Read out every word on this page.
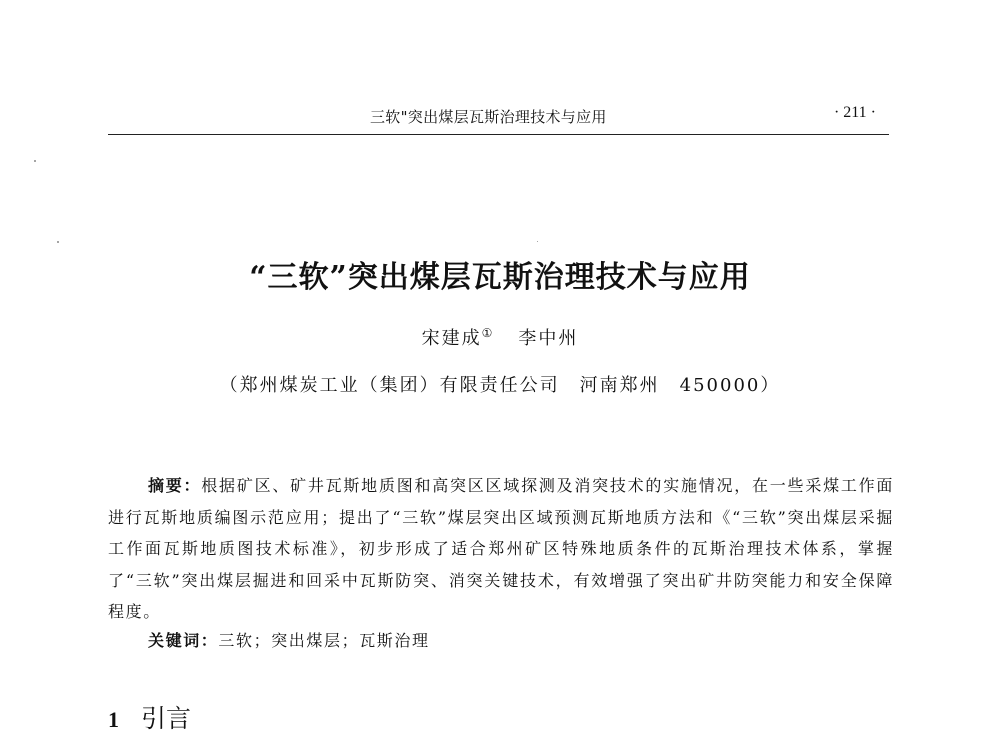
三软"突出煤层瓦斯治理技术与应用	· 211 ·
“三软”突出煤层瓦斯治理技术与应用
宋建成① 李中州
（郑州煤炭工业（集团）有限责任公司　河南郑州　450000）

摘要：根据矿区、矿井瓦斯地质图和高突区区域探测及消突技术的实施情况，在一些采煤工作面进行瓦斯地质编图示范应用；提出了“三软”煤层突出区域预测瓦斯地质方法和《“三软”突出煤层采掘工作面瓦斯地质图技术标准》，初步形成了适合郑州矿区特殊地质条件的瓦斯治理技术体系，掌握了“三软”突出煤层掘进和回采中瓦斯防突、消突关键技术，有效增强了突出矿井防突能力和安全保障程度。

关键词：三软；突出煤层；瓦斯治理

1 引言
